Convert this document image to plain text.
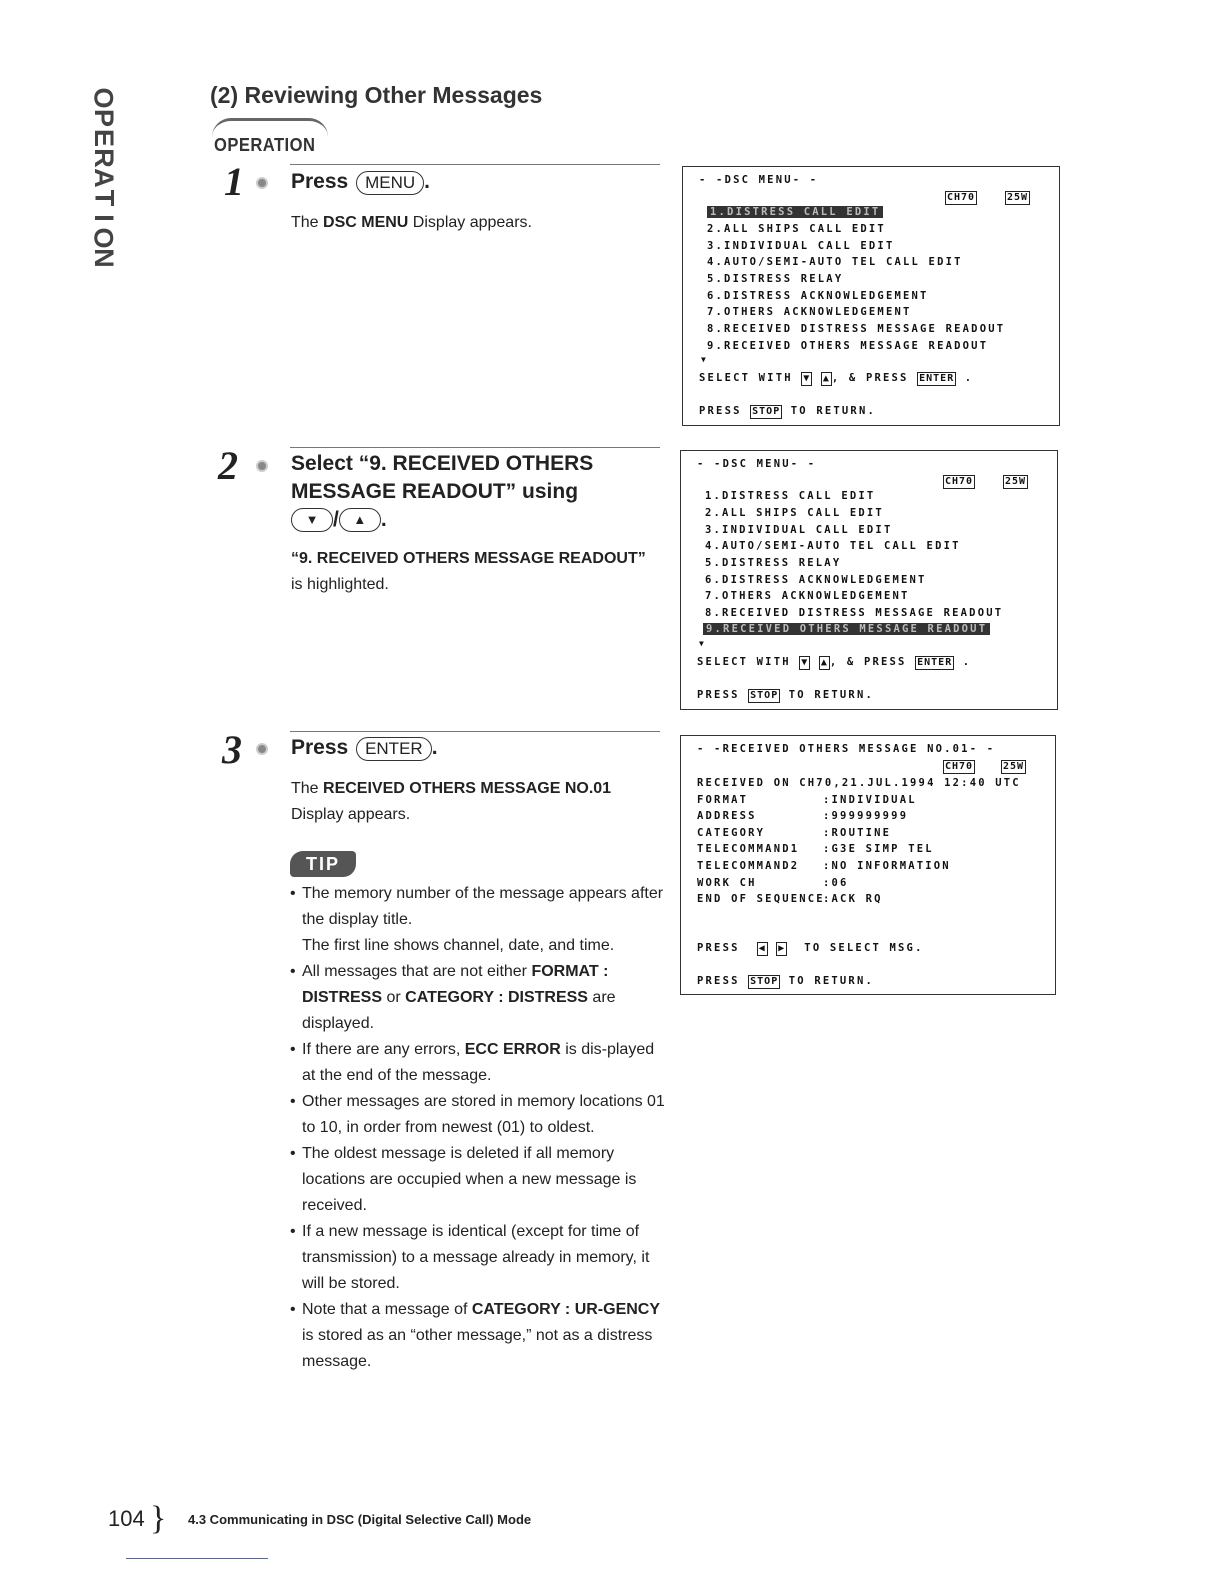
O
P
E
R
A
T
I
O
N
(2) Reviewing Other Messages
OPERATION
1 Press MENU .
The DSC MENU Display appears.
- -DSC MENU- -
CH70	25W
1.DISTRESS CALL EDIT
2.ALL SHIPS CALL EDIT
3.INDIVIDUAL CALL EDIT
4.AUTO/SEMI-AUTO TEL CALL EDIT
5.DISTRESS RELAY
6.DISTRESS ACKNOWLEDGEMENT
7.OTHERS ACKNOWLEDGEMENT
8.RECEIVED DISTRESS MESSAGE READOUT
9.RECEIVED OTHERS MESSAGE READOUT
▼
SELECT WITH ▼ ▲ , & PRESS ENTER .
PRESS STOP TO RETURN.
2	Select “9. RECEIVED OTHERS
MESSAGE READOUT” using
▼ / ▲ .
“9. RECEIVED OTHERS MESSAGE READOUT”
is highlighted.
- -DSC MENU- -
CH70	25W
1.DISTRESS CALL EDIT
2.ALL SHIPS CALL EDIT
3.INDIVIDUAL CALL EDIT
4.AUTO/SEMI-AUTO TEL CALL EDIT
5.DISTRESS RELAY
6.DISTRESS ACKNOWLEDGEMENT
7.OTHERS ACKNOWLEDGEMENT
8.RECEIVED DISTRESS MESSAGE READOUT
9.RECEIVED OTHERS MESSAGE READOUT
▼
SELECT WITH ▼ ▲ , & PRESS ENTER .
PRESS STOP TO RETURN.
3 Press ENTER .
The RECEIVED OTHERS MESSAGE NO.01
Display appears.
- -RECEIVED OTHERS MESSAGE NO.01- -
CH70	25W
RECEIVED ON CH70,21.JUL.1994 12:40 UTC
FORMAT	:INDIVIDUAL
ADDRESS	:999999999
CATEGORY	:ROUTINE
TELECOMMAND1 :G3E SIMP TEL
TELECOMMAND2 :NO INFORMATION
WORK CH	:06
END OF SEQUENCE
:ACK RQ
PRESS ◀ ▶ TO SELECT MSG.
PRESS STOP TO RETURN.
TIP
• The memory number of the message appears after the display title.
The first line shows channel, date, and time.
• All messages that are not either FORMAT : DISTRESS or CATEGORY : DISTRESS are displayed.
• If there are any errors, ECC ERROR is dis-played at the end of the message.
• Other messages are stored in memory locations 01 to 10, in order from newest (01) to oldest.
• The oldest message is deleted if all memory locations are occupied when a new message is received.
• If a new message is identical (except for time of transmission) to a message already in memory, it will be stored.
• Note that a message of CATEGORY : UR-GENCY is stored as an “other message,” not as a distress message.
104 } 4.3 Communicating in DSC (Digital Selective Call) Mode
